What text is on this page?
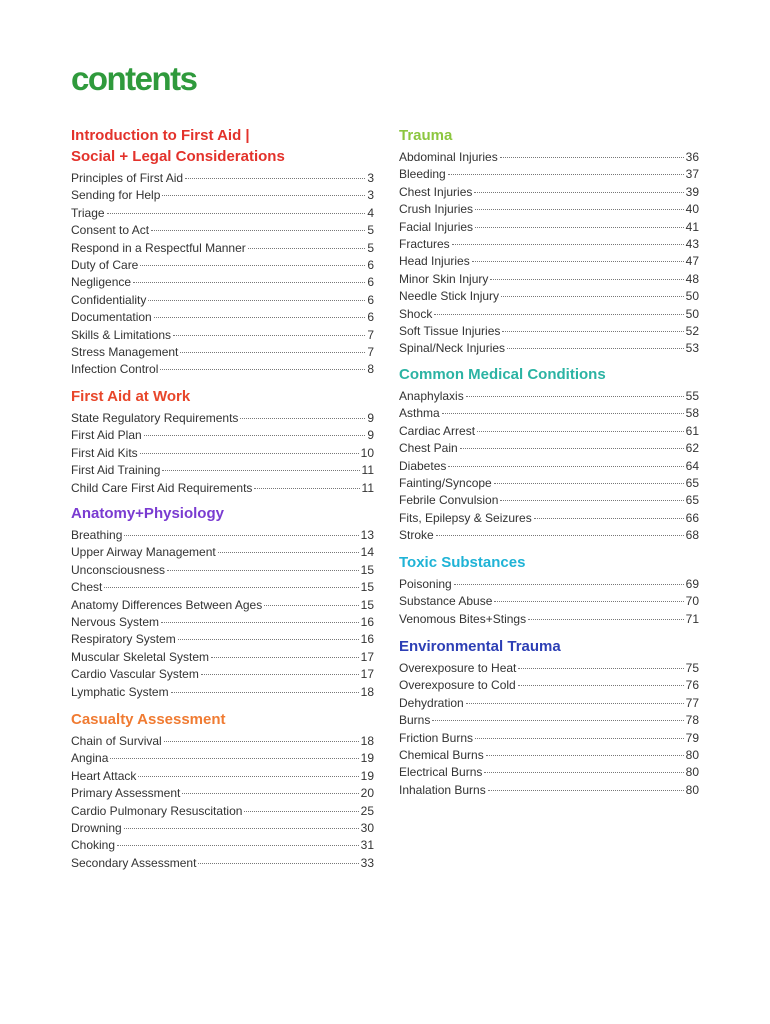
contents
Introduction to First Aid |
Social + Legal Considerations
Principles of First Aid	3
Sending for Help	3
Triage	4
Consent to Act	5
Respond in a Respectful Manner	5
Duty of Care	6
Negligence	6
Confidentiality	6
Documentation	6
Skills & Limitations	7
Stress Management	7
Infection Control	8
First Aid at Work
State Regulatory Requirements	9
First Aid Plan	9
First Aid Kits	10
First Aid Training	11
Child Care First Aid Requirements	11
Anatomy+Physiology
Breathing	13
Upper Airway Management	14
Unconsciousness	15
Chest	15
Anatomy Differences Between Ages	15
Nervous System	16
Respiratory System	16
Muscular Skeletal System	17
Cardio Vascular System	17
Lymphatic System	18
Casualty Assessment
Chain of Survival	18
Angina	19
Heart Attack	19
Primary Assessment	20
Cardio Pulmonary Resuscitation	25
Drowning	30
Choking	31
Secondary Assessment	33
Trauma
Abdominal Injuries	36
Bleeding	37
Chest Injuries	39
Crush Injuries	40
Facial Injuries	41
Fractures	43
Head Injuries	47
Minor Skin Injury	48
Needle Stick Injury	50
Shock	50
Soft Tissue Injuries	52
Spinal/Neck Injuries	53
Common Medical Conditions
Anaphylaxis	55
Asthma	58
Cardiac Arrest	61
Chest Pain	62
Diabetes	64
Fainting/Syncope	65
Febrile Convulsion	65
Fits, Epilepsy & Seizures	66
Stroke	68
Toxic Substances
Poisoning	69
Substance Abuse	70
Venomous Bites+Stings	71
Environmental Trauma
Overexposure to Heat	75
Overexposure to Cold	76
Dehydration	77
Burns	78
Friction Burns	79
Chemical Burns	80
Electrical Burns	80
Inhalation Burns	80
